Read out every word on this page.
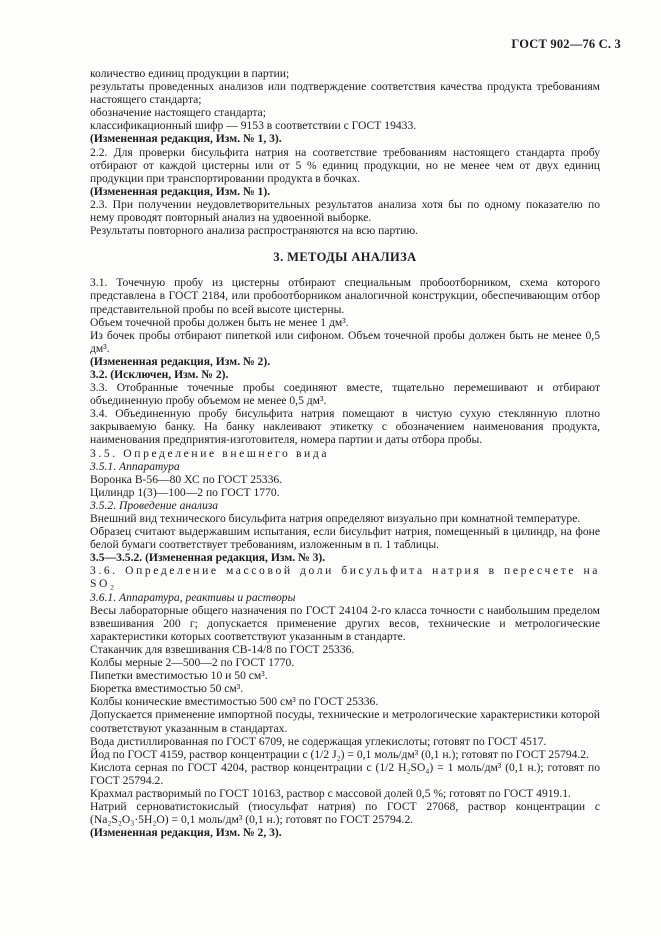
ГОСТ 902—76 С. 3

количество единиц продукции в партии;

результаты проведенных анализов или подтверждение соответствия качества продукта требованиям настоящего стандарта;

обозначение настоящего стандарта;

классификационный шифр — 9153 в соответствии с ГОСТ 19433.

(Измененная редакция, Изм. № 1, 3).

2.2. Для проверки бисульфита натрия на соответствие требованиям настоящего стандарта пробу отбирают от каждой цистерны или от 5 % единиц продукции, но не менее чем от двух единиц продукции при транспортировании продукта в бочках.

(Измененная редакция, Изм. № 1).

2.3. При получении неудовлетворительных результатов анализа хотя бы по одному показателю по нему проводят повторный анализ на удвоенной выборке.

Результаты повторного анализа распространяются на всю партию.

3. МЕТОДЫ АНАЛИЗА

3.1. Точечную пробу из цистерны отбирают специальным пробоотборником, схема которого представлена в ГОСТ 2184, или пробоотборником аналогичной конструкции, обеспечивающим отбор представительной пробы по всей высоте цистерны.

Объем точечной пробы должен быть не менее 1 дм³.

Из бочек пробы отбирают пипеткой или сифоном. Объем точечной пробы должен быть не менее 0,5 дм³.

(Измененная редакция, Изм. № 2).

3.2. (Исключен, Изм. № 2).

3.3. Отобранные точечные пробы соединяют вместе, тщательно перемешивают и отбирают объединенную пробу объемом не менее 0,5 дм³.

3.4. Объединенную пробу бисульфита натрия помещают в чистую сухую стеклянную плотно закрываемую банку. На банку наклеивают этикетку с обозначением наименования продукта, наименования предприятия-изготовителя, номера партии и даты отбора пробы.

3.5. Определение внешнего вида

3.5.1. Аппаратура

Воронка В-56—80 ХС по ГОСТ 25336.

Цилиндр 1(3)—100—2 по ГОСТ 1770.

3.5.2. Проведение анализа

Внешний вид технического бисульфита натрия определяют визуально при комнатной температуре.

Образец считают выдержавшим испытания, если бисульфит натрия, помещенный в цилиндр, на фоне белой бумаги соответствует требованиям, изложенным в п. 1 таблицы.

3.5—3.5.2. (Измененная редакция, Изм. № 3).

3.6. Определение массовой доли бисульфита натрия в пересчете на SO₂

3.6.1. Аппаратура, реактивы и растворы

Весы лабораторные общего назначения по ГОСТ 24104 2-го класса точности с наибольшим пределом взвешивания 200 г; допускается применение других весов, технические и метрологические характеристики которых соответствуют указанным в стандарте.

Стаканчик для взвешивания СВ-14/8 по ГОСТ 25336.

Колбы мерные 2—500—2 по ГОСТ 1770.

Пипетки вместимостью 10 и 50 см³.

Бюретка вместимостью 50 см³.

Колбы конические вместимостью 500 см³ по ГОСТ 25336.

Допускается применение импортной посуды, технические и метрологические характеристики которой соответствуют указанным в стандартах.

Вода дистиллированная по ГОСТ 6709, не содержащая углекислоты; готовят по ГОСТ 4517.

Йод по ГОСТ 4159, раствор концентрации c (1/2 J₂) = 0,1 моль/дм³ (0,1 н.); готовят по ГОСТ 25794.2.

Кислота серная по ГОСТ 4204, раствор концентрации c (1/2 H₂SO₄) = 1 моль/дм³ (0,1 н.); готовят по ГОСТ 25794.2.

Крахмал растворимый по ГОСТ 10163, раствор с массовой долей 0,5 %; готовят по ГОСТ 4919.1.

Натрий серноватистокислый (тиосульфат натрия) по ГОСТ 27068, раствор концентрации c (Na₂S₂O₃·5H₂O) = 0,1 моль/дм³ (0,1 н.); готовят по ГОСТ 25794.2.

(Измененная редакция, Изм. № 2, 3).
